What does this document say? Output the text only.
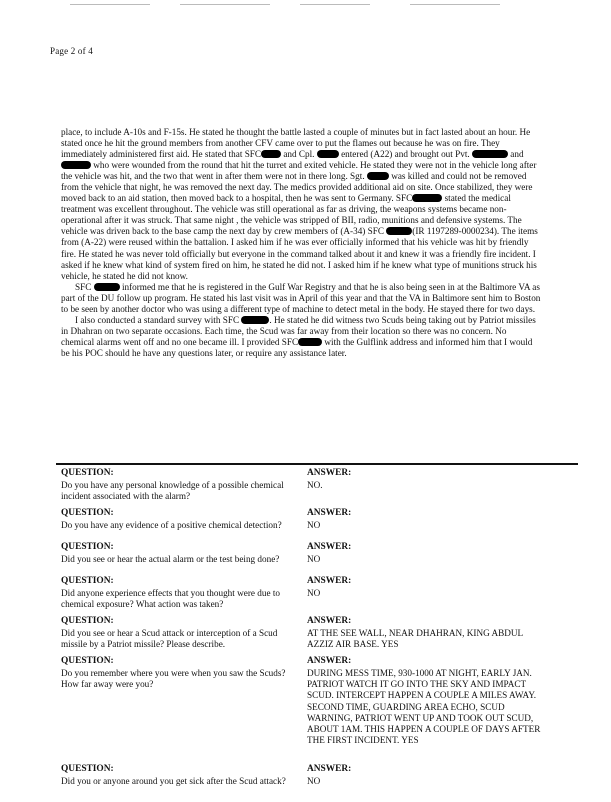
Page 2 of 4

place, to include A-10s and F-15s. He stated he thought the battle lasted a couple of minutes but in fact lasted about an hour. He stated once he hit the ground members from another CFV came over to put the flames out because he was on fire. They immediately administered first aid. He stated that SFC and Cpl.  entered (A22) and brought out Pvt.	and  who were wounded from the round that hit the turret and exited vehicle. He stated they were not in the vehicle long after the vehicle was hit, and the two that went in after them were not in there long. Sgt.  was killed and could not be removed from the vehicle that night, he was removed the next day. The medics provided additional aid on site. Once stabilized, they were moved back to an aid station, then moved back to a hospital, then he was sent to Germany. SFC	stated the medical treatment was excellent throughout. The vehicle was still operational as far as driving, the weapons systems became non-operational after it was struck. That same night , the vehicle was stripped of BII, radio, munitions and defensive systems. The vehicle was driven back to the base camp the next day by crew members of (A-34) SFC	(IR 1197289-0000234). The items from (A-22) were reused within the battalion. I asked him if he was ever officially informed that his vehicle was hit by friendly fire. He stated he was never told officially but everyone in the command talked about it and knew it was a friendly fire incident. I asked if he knew what kind of system fired on him, he stated he did not. I asked him if he knew what type of munitions struck his vehicle, he stated he did not know.

SFC	informed me that he is registered in the Gulf War Registry and that he is also being seen in at the Baltimore VA as part of the DU follow up program. He stated his last visit was in April of this year and that the VA in Baltimore sent him to Boston to be seen by another doctor who was using a different type of machine to detect metal in the body. He stayed there for two days.

I also conducted a standard survey with SFC	. He stated he did witness two Scuds being taking out by Patriot missiles in Dhahran on two separate occasions. Each time, the Scud was far away from their location so there was no concern. No chemical alarms went off and no one became ill. I provided SFC	with the Gulflink address and informed him that I would be his POC should he have any questions later, or require any assistance later.

QUESTION:	ANSWER:
Do you have any personal knowledge of a possible chemical incident associated with the alarm?
NO.
QUESTION:	ANSWER:
Do you have any evidence of a positive chemical detection?	NO
QUESTION:	ANSWER:
Did you see or hear the actual alarm or the test being done?	NO
QUESTION:	ANSWER:
Did anyone experience effects that you thought were due to chemical exposure? What action was taken?
NO
QUESTION:	ANSWER:
Did you see or hear a Scud attack or interception of a Scud missile by a Patriot missile? Please describe.
AT THE SEE WALL, NEAR DHAHRAN, KING ABDUL AZZIZ AIR BASE. YES
QUESTION:	ANSWER:
Do you remember where you were when you saw the Scuds? How far away were you?
DURING MESS TIME, 930-1000 AT NIGHT, EARLY JAN. PATRIOT WATCH IT GO INTO THE SKY AND IMPACT SCUD. INTERCEPT HAPPEN A COUPLE A MILES AWAY. SECOND TIME, GUARDING AREA ECHO, SCUD WARNING, PATRIOT WENT UP AND TOOK OUT SCUD, ABOUT 1AM. THIS HAPPEN A COUPLE OF DAYS AFTER THE FIRST INCIDENT. YES
QUESTION:	ANSWER:
Did you or anyone around you get sick after the Scud attack?	NO
